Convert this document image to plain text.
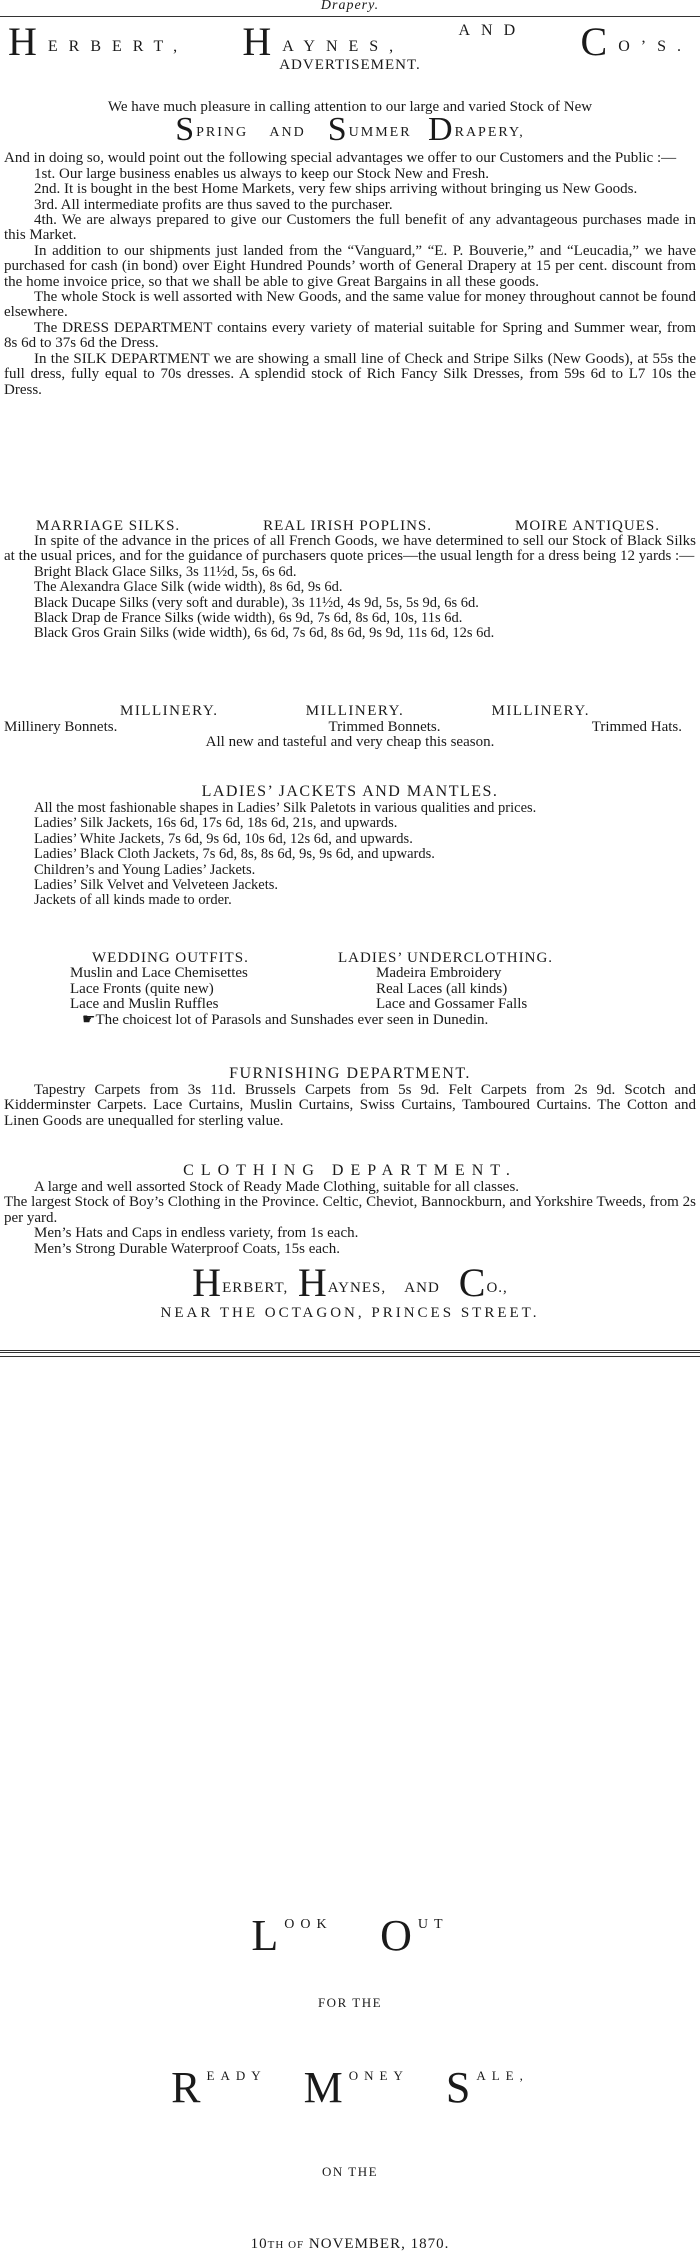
Drapery.
HERBERT, HAYNES,
AND CO’S.
ADVERTISEMENT.
We have much pleasure in calling attention to our large and varied Stock of New
SPRING AND SUMMER DRAPERY,
And in doing so, would point out the following special advantages we offer to our Customers and the Public :—
1st. Our large business enables us always to keep our Stock New and Fresh.
2nd. It is bought in the best Home Markets, very few ships arriving without bringing us New Goods.
3rd. All intermediate profits are thus saved to the purchaser.
4th. We are always prepared to give our Customers the full benefit of any advantageous purchases made in this Market.
In addition to our shipments just landed from the “Vanguard,” “E. P. Bouverie,” and “Leucadia,” we have purchased for cash (in bond) over Eight Hundred Pounds’ worth of General Drapery at 15 per cent. discount from the home invoice price, so that we shall be able to give Great Bargains in all these goods.
The whole Stock is well assorted with New Goods, and the same value for money throughout cannot be found elsewhere.
The DRESS DEPARTMENT contains every variety of material suitable for Spring and Summer wear, from 8s 6d to 37s 6d the Dress.
In the SILK DEPARTMENT we are showing a small line of Check and Stripe Silks (New Goods), at 55s the full dress, fully equal to 70s dresses. A splendid stock of Rich Fancy Silk Dresses, from 59s 6d to L7 10s the Dress.
MARRIAGE SILKS.	REAL IRISH POPLINS.	MOIRE ANTIQUES.
In spite of the advance in the prices of all French Goods, we have determined to sell our Stock of Black Silks at the usual prices, and for the guidance of purchasers quote prices—the usual length for a dress being 12 yards :—
Bright Black Glace Silks, 3s 11½d, 5s, 6s 6d.
The Alexandra Glace Silk (wide width), 8s 6d, 9s 6d.
Black Ducape Silks (very soft and durable), 3s 11½d, 4s 9d, 5s, 5s 9d, 6s 6d.
Black Drap de France Silks (wide width), 6s 9d, 7s 6d, 8s 6d, 10s, 11s 6d.
Black Gros Grain Silks (wide width), 6s 6d, 7s 6d, 8s 6d, 9s 9d, 11s 6d, 12s 6d.
MILLINERY.	MILLINERY.	MILLINERY.
Millinery Bonnets.	Trimmed Bonnets.	Trimmed Hats.
All new and tasteful and very cheap this season.
LADIES’ JACKETS AND MANTLES.
All the most fashionable shapes in Ladies’ Silk Paletots in various qualities and prices.
Ladies’ Silk Jackets, 16s 6d, 17s 6d, 18s 6d, 21s, and upwards.
Ladies’ White Jackets, 7s 6d, 9s 6d, 10s 6d, 12s 6d, and upwards.
Ladies’ Black Cloth Jackets, 7s 6d, 8s, 8s 6d, 9s, 9s 6d, and upwards.
Children’s and Young Ladies’ Jackets.
Ladies’ Silk Velvet and Velveteen Jackets.
Jackets of all kinds made to order.
WEDDING OUTFITS.	LADIES’ UNDERCLOTHING.
Muslin and Lace Chemisettes	Madeira Embroidery
Lace Fronts (quite new)	Real Laces (all kinds)
Lace and Muslin Ruffles	Lace and Gossamer Falls
☛The choicest lot of Parasols and Sunshades ever seen in Dunedin.
FURNISHING DEPARTMENT.
Tapestry Carpets from 3s 11d. Brussels Carpets from 5s 9d. Felt Carpets from 2s 9d. Scotch and Kidderminster Carpets. Lace Curtains, Muslin Curtains, Swiss Curtains, Tamboured Curtains. The Cotton and Linen Goods are unequalled for sterling value.
CLOTHING DEPARTMENT.
A large and well assorted Stock of Ready Made Clothing, suitable for all classes.
The largest Stock of Boy’s Clothing in the Province. Celtic, Cheviot, Bannockburn, and Yorkshire Tweeds, from 2s per yard.
Men’s Hats and Caps in endless variety, from 1s each.
Men’s Strong Durable Waterproof Coats, 15s each.
HERBERT, HAYNES, AND CO.,
NEAR THE OCTAGON, PRINCES STREET.
LOOK OUT
FOR THE
READY MONEY SALE,
ON THE
10TH OF NOVEMBER, 1870.
